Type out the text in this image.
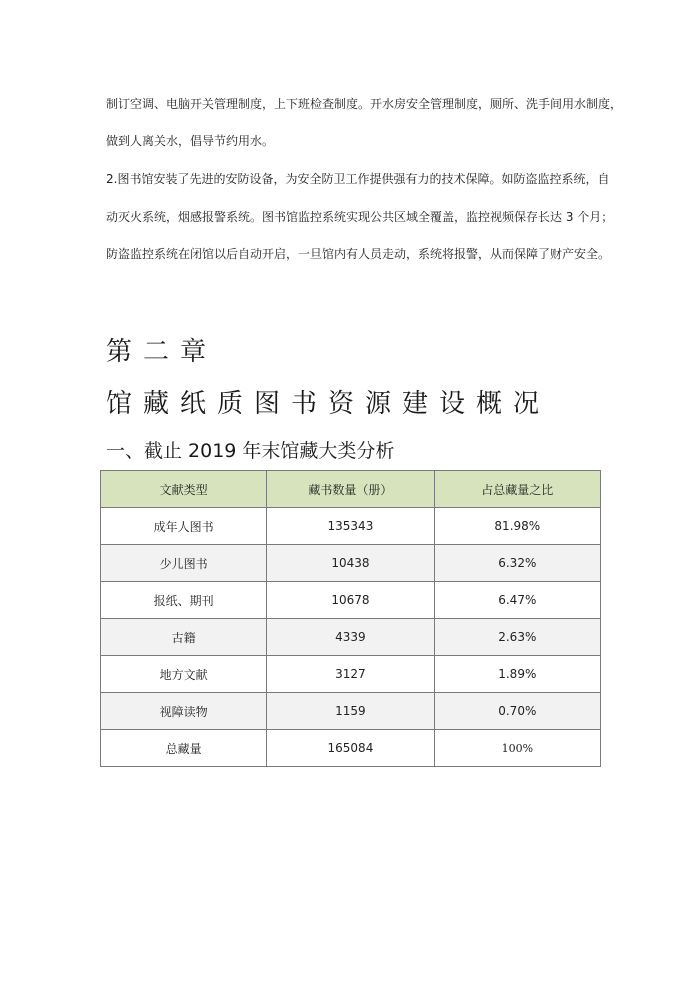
制订空调、电脑开关管理制度，上下班检查制度。开水房安全管理制度，厕所、洗手间用水制度，
做到人离关水，倡导节约用水。
2.图书馆安装了先进的安防设备，为安全防卫工作提供强有力的技术保障。如防盗监控系统，自
动灭火系统，烟感报警系统。图书馆监控系统实现公共区域全覆盖，监控视频保存长达 3 个月；
防盗监控系统在闭馆以后自动开启，一旦馆内有人员走动，系统将报警，从而保障了财产安全。
第二章
馆藏纸质图书资源建设概况
一、截止 2019 年末馆藏大类分析
文献类型	藏书数量（册）	占总藏量之比
成年人图书	135343	81.98%
少儿图书	10438	6.32%
报纸、期刊	10678	6.47%
古籍	4339	2.63%
地方文献	3127	1.89%
视障读物	1159	0.70%
总藏量	165084	100%
